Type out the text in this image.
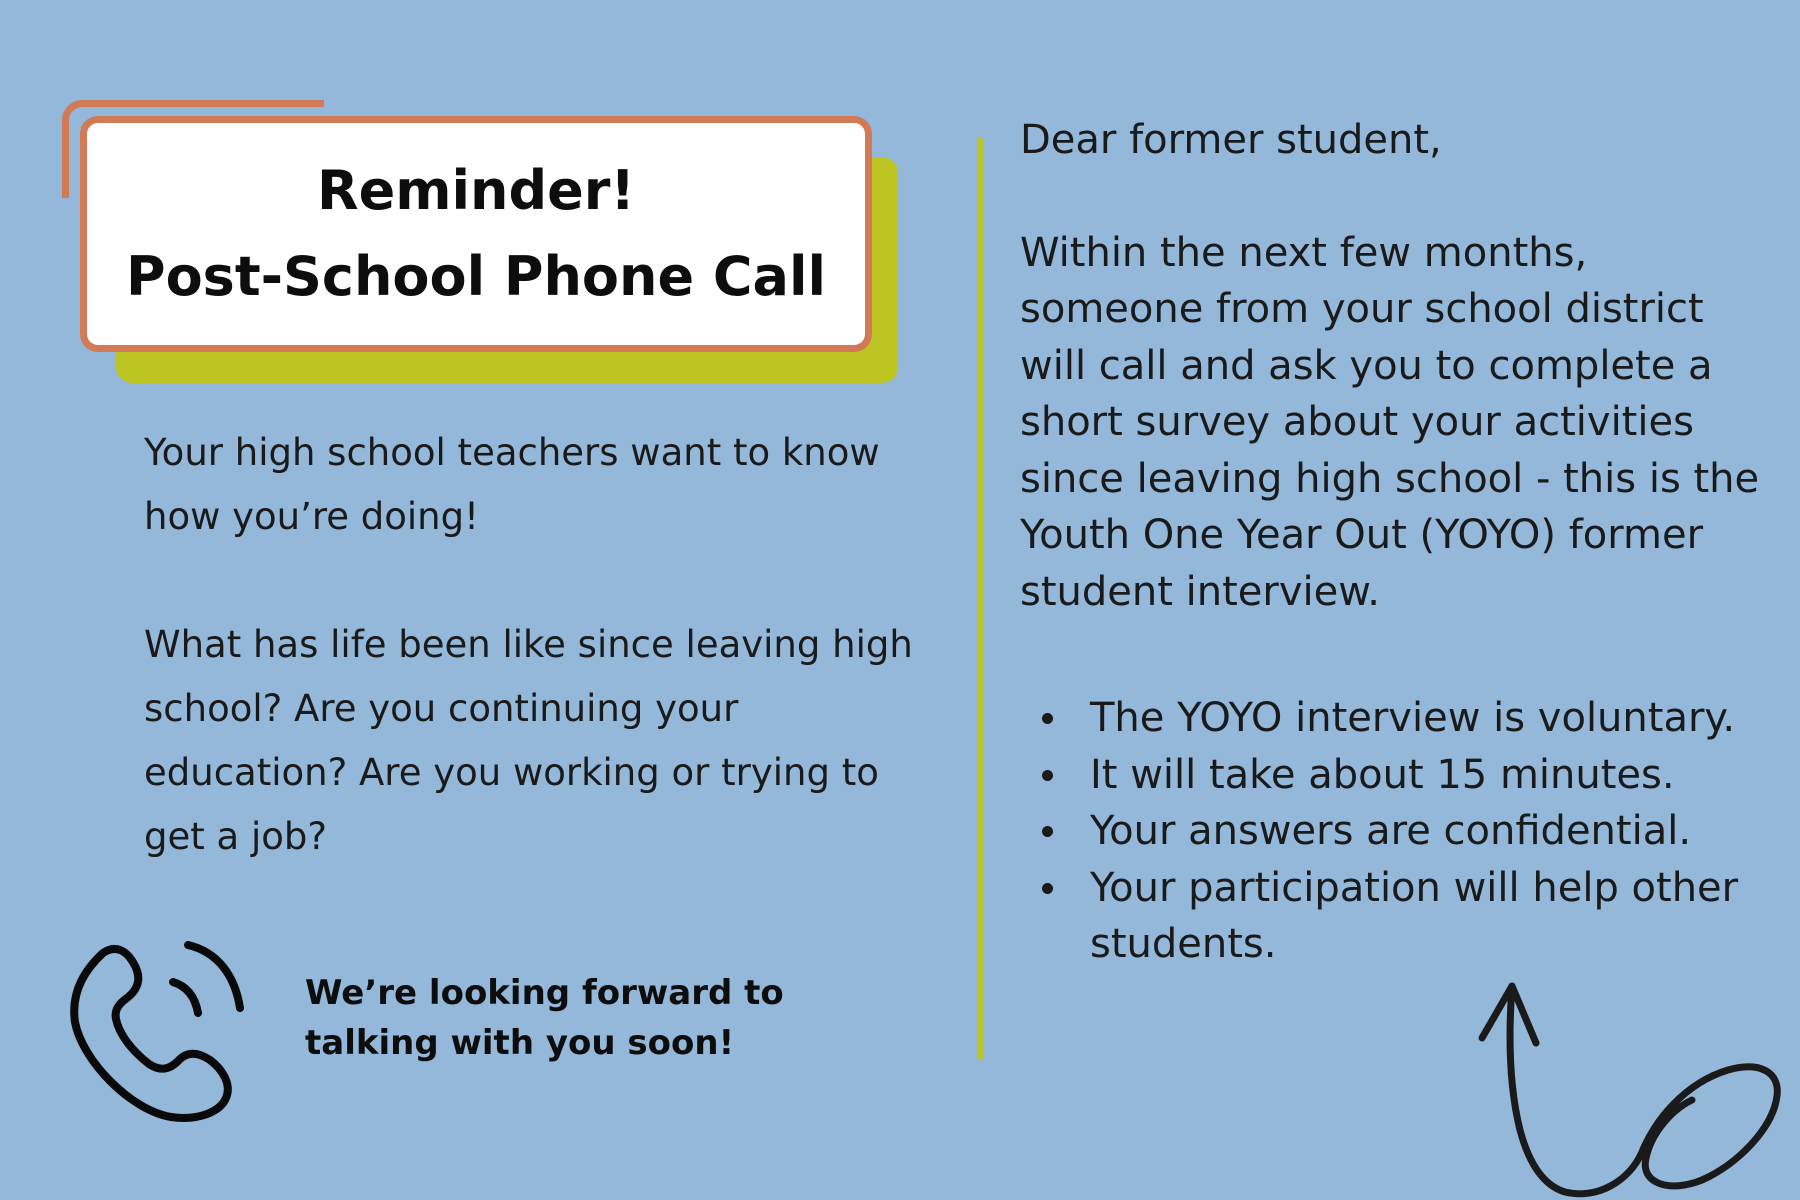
Reminder!
Post-School Phone Call
Your high school teachers want to know how you’re doing!
What has life been like since leaving high school? Are you continuing your education? Are you working or trying to get a job?
We’re looking forward to talking with you soon!

Dear former student,

Within the next few months, someone from your school district will call and ask you to complete a short survey about your activities since leaving high school - this is the Youth One Year Out (YOYO) former student interview.

The YOYO interview is voluntary.
It will take about 15 minutes.
Your answers are confidential.
Your participation will help other students.
